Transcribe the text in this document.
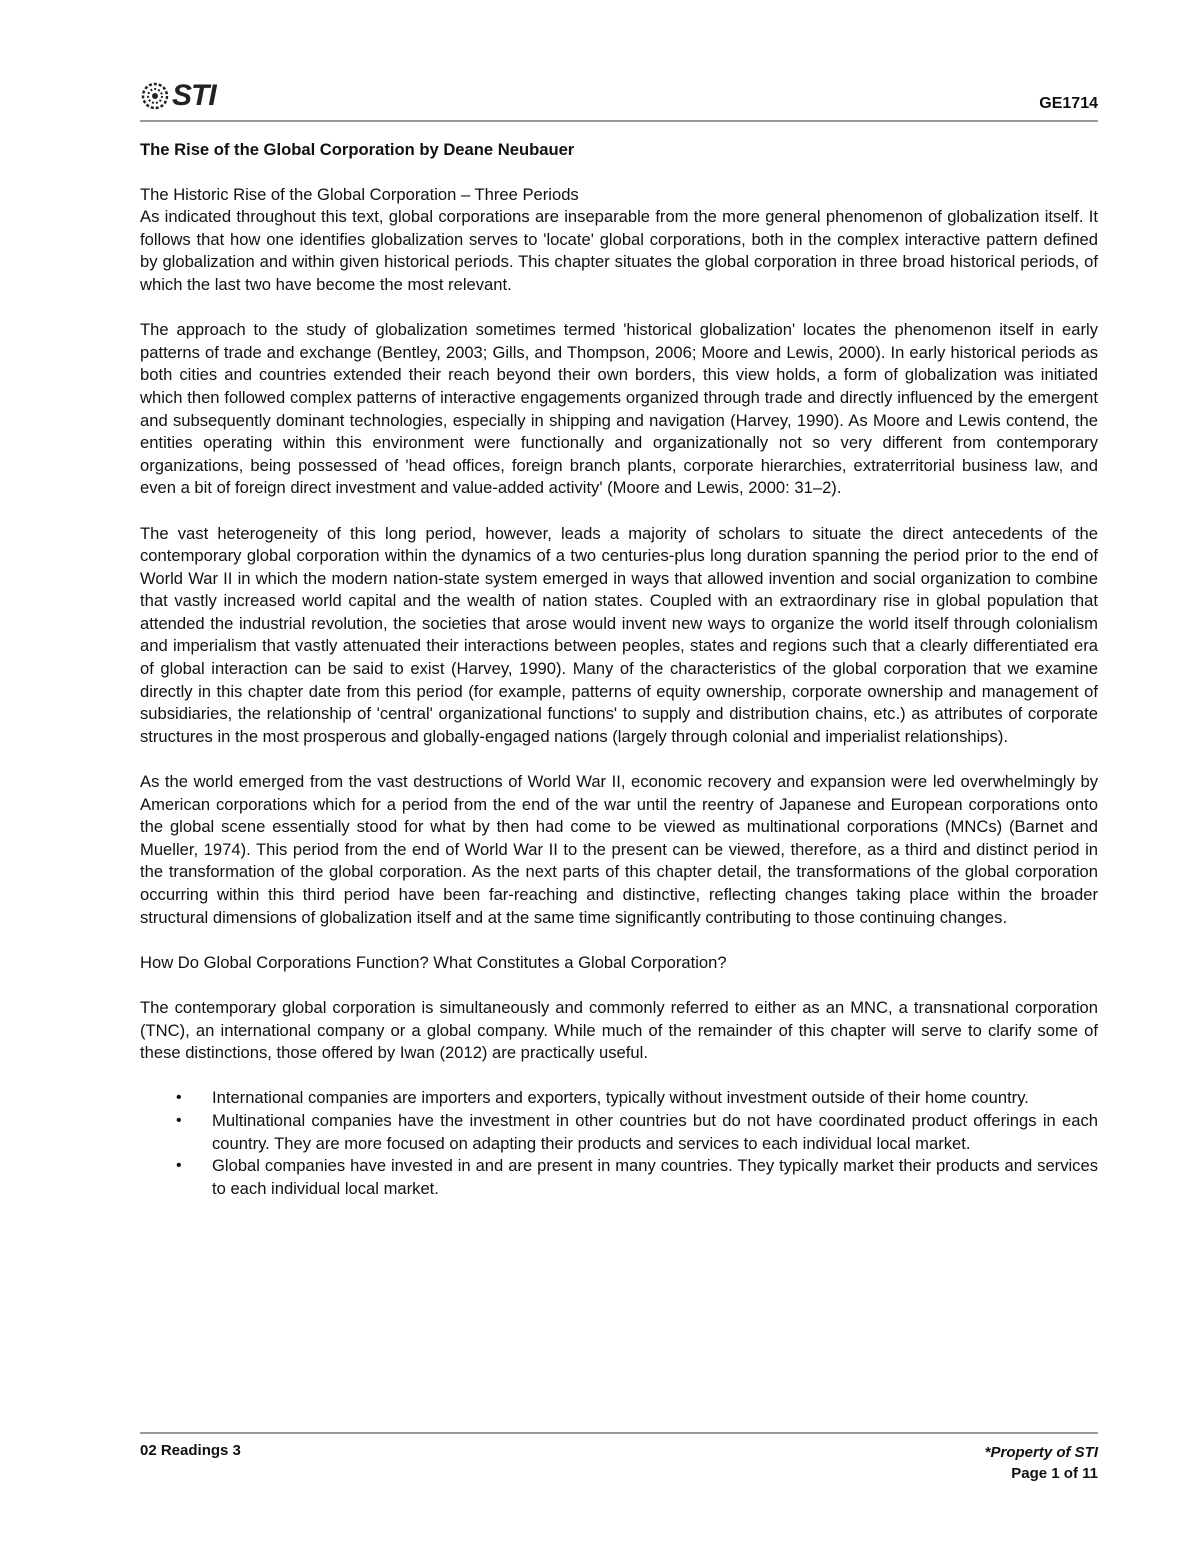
STI	GE1714

The Rise of the Global Corporation by Deane Neubauer

The Historic Rise of the Global Corporation – Three Periods

As indicated throughout this text, global corporations are inseparable from the more general phenomenon of globalization itself. It follows that how one identifies globalization serves to 'locate' global corporations, both in the complex interactive pattern defined by globalization and within given historical periods. This chapter situates the global corporation in three broad historical periods, of which the last two have become the most relevant.

The approach to the study of globalization sometimes termed 'historical globalization' locates the phenomenon itself in early patterns of trade and exchange (Bentley, 2003; Gills, and Thompson, 2006; Moore and Lewis, 2000). In early historical periods as both cities and countries extended their reach beyond their own borders, this view holds, a form of globalization was initiated which then followed complex patterns of interactive engagements organized through trade and directly influenced by the emergent and subsequently dominant technologies, especially in shipping and navigation (Harvey, 1990). As Moore and Lewis contend, the entities operating within this environment were functionally and organizationally not so very different from contemporary organizations, being possessed of 'head offices, foreign branch plants, corporate hierarchies, extraterritorial business law, and even a bit of foreign direct investment and value-added activity' (Moore and Lewis, 2000: 31–2).

The vast heterogeneity of this long period, however, leads a majority of scholars to situate the direct antecedents of the contemporary global corporation within the dynamics of a two centuries-plus long duration spanning the period prior to the end of World War II in which the modern nation-state system emerged in ways that allowed invention and social organization to combine that vastly increased world capital and the wealth of nation states. Coupled with an extraordinary rise in global population that attended the industrial revolution, the societies that arose would invent new ways to organize the world itself through colonialism and imperialism that vastly attenuated their interactions between peoples, states and regions such that a clearly differentiated era of global interaction can be said to exist (Harvey, 1990). Many of the characteristics of the global corporation that we examine directly in this chapter date from this period (for example, patterns of equity ownership, corporate ownership and management of subsidiaries, the relationship of 'central' organizational functions' to supply and distribution chains, etc.) as attributes of corporate structures in the most prosperous and globally-engaged nations (largely through colonial and imperialist relationships).

As the world emerged from the vast destructions of World War II, economic recovery and expansion were led overwhelmingly by American corporations which for a period from the end of the war until the reentry of Japanese and European corporations onto the global scene essentially stood for what by then had come to be viewed as multinational corporations (MNCs) (Barnet and Mueller, 1974). This period from the end of World War II to the present can be viewed, therefore, as a third and distinct period in the transformation of the global corporation. As the next parts of this chapter detail, the transformations of the global corporation occurring within this third period have been far-reaching and distinctive, reflecting changes taking place within the broader structural dimensions of globalization itself and at the same time significantly contributing to those continuing changes.

How Do Global Corporations Function? What Constitutes a Global Corporation?

The contemporary global corporation is simultaneously and commonly referred to either as an MNC, a transnational corporation (TNC), an international company or a global company. While much of the remainder of this chapter will serve to clarify some of these distinctions, those offered by Iwan (2012) are practically useful.

• International companies are importers and exporters, typically without investment outside of their home country.
• Multinational companies have the investment in other countries but do not have coordinated product offerings in each country. They are more focused on adapting their products and services to each individual local market.
• Global companies have invested in and are present in many countries. They typically market their products and services to each individual local market.
02 Readings 3	*Property of STI
Page 1 of 11
